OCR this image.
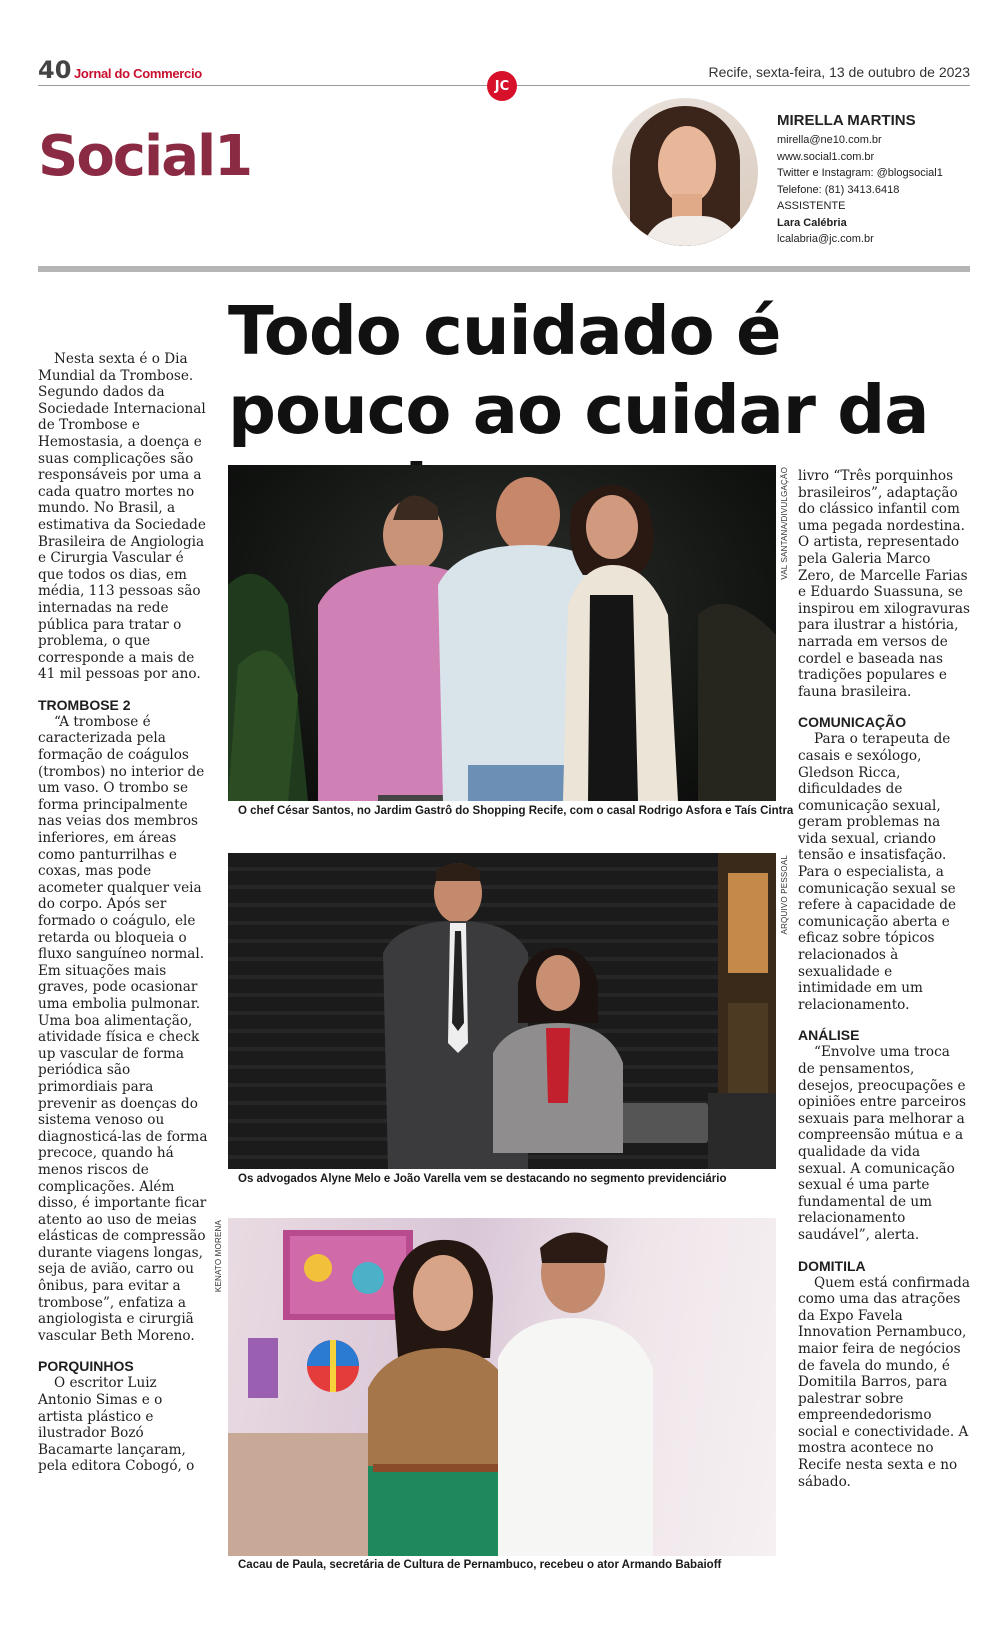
40 Jornal do Commercio
JC
Recife, sexta-feira, 13 de outubro de 2023
Social1
MIRELLA MARTINS
mirella@ne10.com.br
www.social1.com.br
Twitter e Instagram: @blogsocial1
Telefone: (81) 3413.6418
ASSISTENTE
Lara Calébria
lcalabria@jc.com.br
Todo cuidado é pouco ao cuidar da

Nesta sexta é o Dia Mundial da Trombose. Segundo dados da Sociedade Internacional de Trombose e Hemostasia, a doença e suas complicações são responsáveis por uma a cada quatro mortes no mundo. No Brasil, a estimativa da Sociedade Brasileira de Angiologia e Cirurgia Vascular é que todos os dias, em média, 113 pessoas são internadas na rede pública para tratar o problema, o que corresponde a mais de 41 mil pessoas por ano.

TROMBOSE 2

“A trombose é caracterizada pela formação de coágulos (trombos) no interior de um vaso. O trombo se forma principalmente nas veias dos membros inferiores, em áreas como panturrilhas e coxas, mas pode acometer qualquer veia do corpo. Após ser formado o coágulo, ele retarda ou bloqueia o fluxo sanguíneo normal. Em situações mais graves, pode ocasionar uma embolia pulmonar. Uma boa alimentação, atividade física e check up vascular de forma periódica são primordiais para prevenir as doenças do sistema venoso ou diagnosticá-las de forma precoce, quando há menos riscos de complicações. Além disso, é importante ficar atento ao uso de meias elásticas de compressão durante viagens longas, seja de avião, carro ou ônibus, para evitar a trombose”, enfatiza a angiologista e cirurgiã vascular Beth Moreno.

PORQUINHOS

O escritor Luiz Antonio Simas e o artista plástico e ilustrador Bozó Bacamarte lançaram, pela editora Cobogó, o

VAL SANTANA/DIVULGAÇÃO
O chef César Santos, no Jardim Gastrô do Shopping Recife, com o casal Rodrigo Asfora e Taís Cintra
ARQUIVO PESSOAL
Os advogados Alyne Melo e João Varella vem se destacando no segmento previdenciário
KENATO MORENA
Cacau de Paula, secretária de Cultura de Pernambuco, recebeu o ator Armando Babaioff

livro “Três porquinhos brasileiros”, adaptação do clássico infantil com uma pegada nordestina. O artista, representado pela Galeria Marco Zero, de Marcelle Farias e Eduardo Suassuna, se inspirou em xilogravuras para ilustrar a história, narrada em versos de cordel e baseada nas tradições populares e fauna brasileira.

COMUNICAÇÃO

Para o terapeuta de casais e sexólogo, Gledson Ricca, dificuldades de comunicação sexual, geram problemas na vida sexual, criando tensão e insatisfação. Para o especialista, a comunicação sexual se refere à capacidade de comunicação aberta e eficaz sobre tópicos relacionados à sexualidade e intimidade em um relacionamento.

ANÁLISE

“Envolve uma troca de pensamentos, desejos, preocupações e opiniões entre parceiros sexuais para melhorar a compreensão mútua e a qualidade da vida sexual. A comunicação sexual é uma parte fundamental de um relacionamento saudável”, alerta.

DOMITILA

Quem está confirmada como uma das atrações da Expo Favela Innovation Pernambuco, maior feira de negócios de favela do mundo, é Domitila Barros, para palestrar sobre empreendedorismo social e conectividade. A mostra acontece no Recife nesta sexta e no sábado.
